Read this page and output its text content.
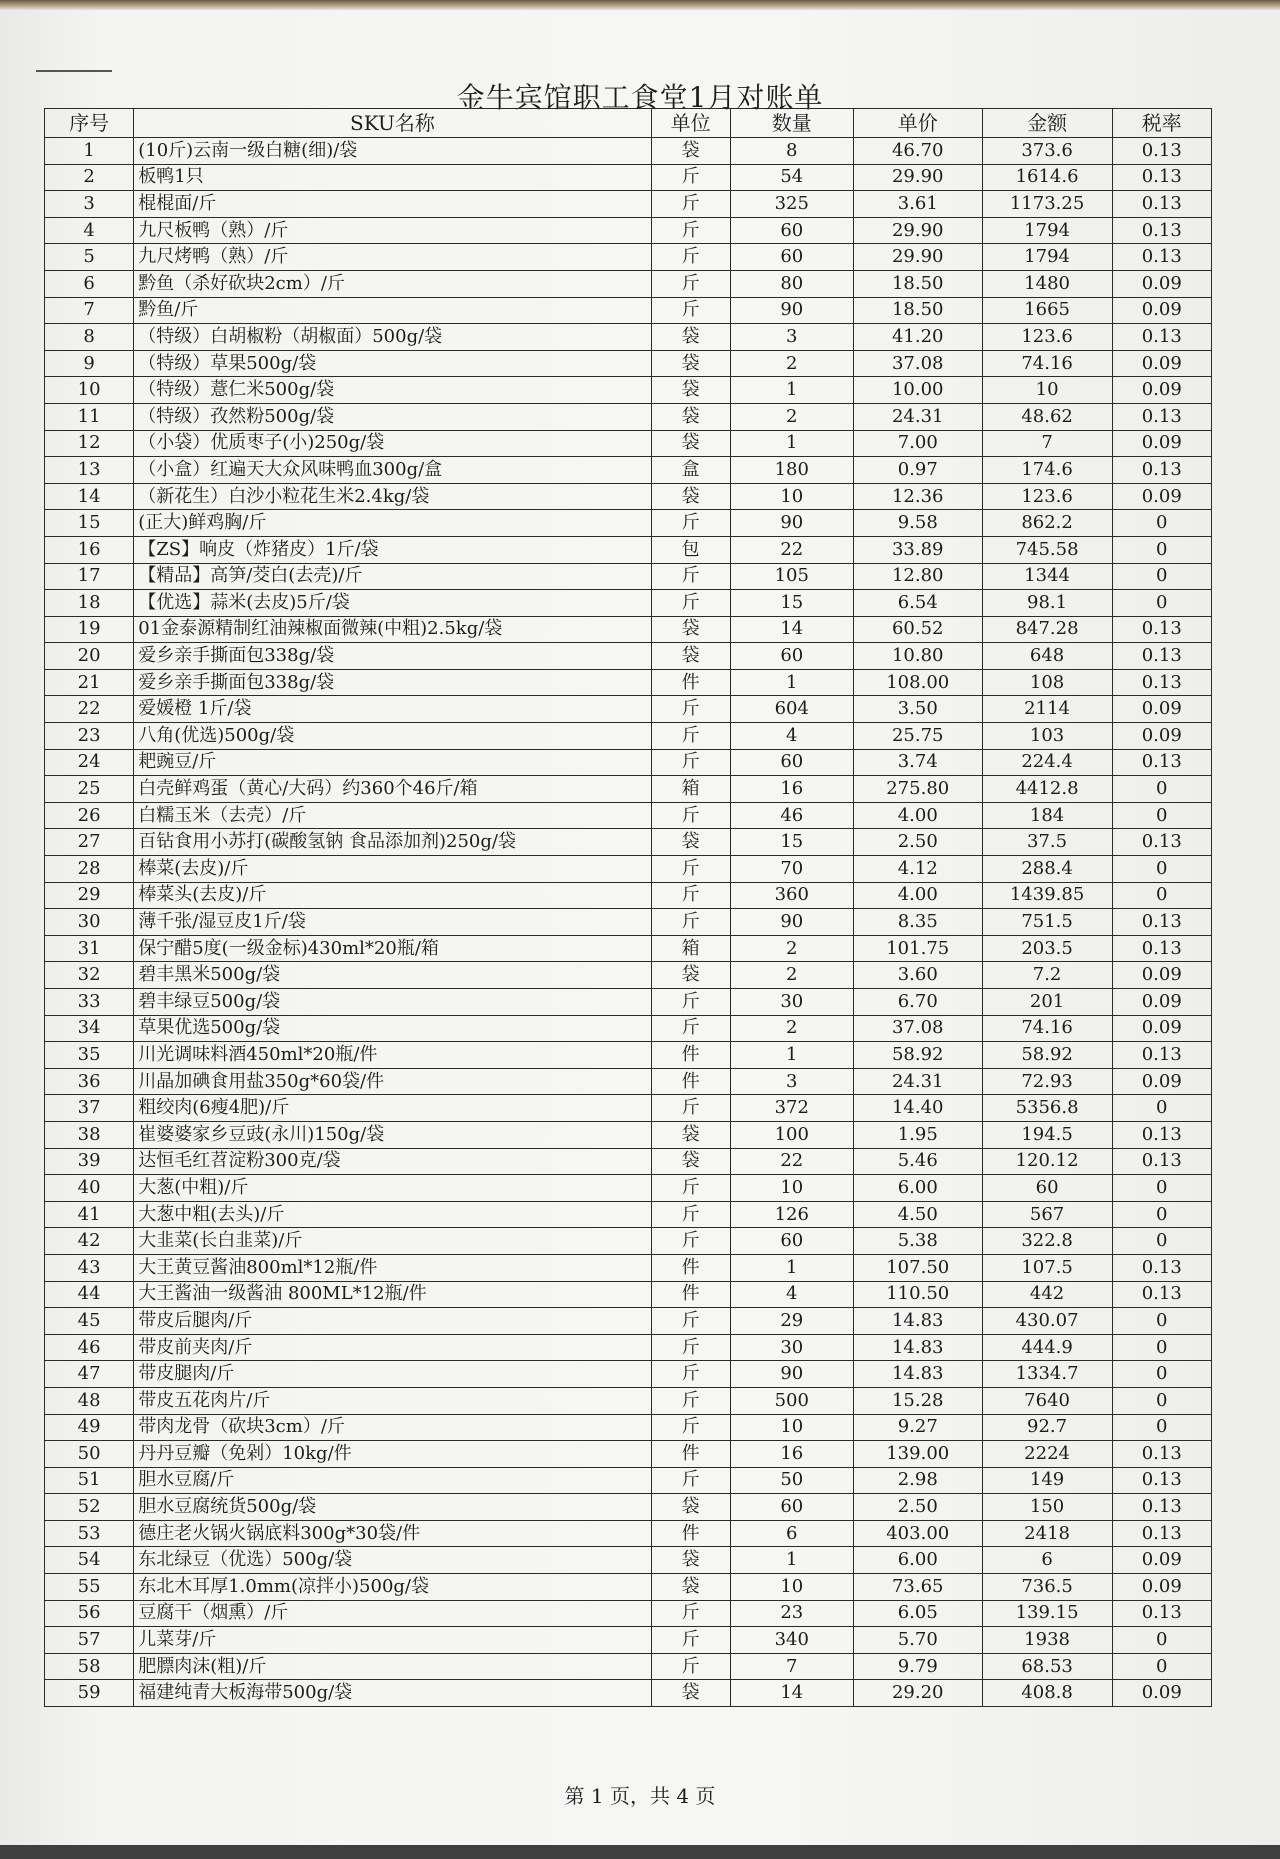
金牛宾馆职工食堂1月对账单
序号	SKU名称	单位	数量	单价	金额	税率
1	(10斤)云南一级白糖(细)/袋	袋	8	46.70	373.6	0.13
2	板鸭1只	斤	54	29.90	1614.6	0.13
3	棍棍面/斤	斤	325	3.61	1173.25	0.13
4	九尺板鸭（熟）/斤	斤	60	29.90	1794	0.13
5	九尺烤鸭（熟）/斤	斤	60	29.90	1794	0.13
6	黔鱼（杀好砍块2cm）/斤	斤	80	18.50	1480	0.09
7	黔鱼/斤	斤	90	18.50	1665	0.09
8	（特级）白胡椒粉（胡椒面）500g/袋	袋	3	41.20	123.6	0.13
9	（特级）草果500g/袋	袋	2	37.08	74.16	0.09
10	（特级）薏仁米500g/袋	袋	1	10.00	10	0.09
11	（特级）孜然粉500g/袋	袋	2	24.31	48.62	0.13
12	（小袋）优质枣子(小)250g/袋	袋	1	7.00	7	0.09
13	（小盒）红遍天大众风味鸭血300g/盒	盒	180	0.97	174.6	0.13
14	（新花生）白沙小粒花生米2.4kg/袋	袋	10	12.36	123.6	0.09
15	(正大)鲜鸡胸/斤	斤	90	9.58	862.2	0
16	【ZS】响皮（炸猪皮）1斤/袋	包	22	33.89	745.58	0
17	【精品】高笋/茭白(去壳)/斤	斤	105	12.80	1344	0
18	【优选】蒜米(去皮)5斤/袋	斤	15	6.54	98.1	0
19	01金泰源精制红油辣椒面微辣(中粗)2.5kg/袋	袋	14	60.52	847.28	0.13
20	爱乡亲手撕面包338g/袋	袋	60	10.80	648	0.13
21	爱乡亲手撕面包338g/袋	件	1	108.00	108	0.13
22	爱媛橙 1斤/袋	斤	604	3.50	2114	0.09
23	八角(优选)500g/袋	斤	4	25.75	103	0.09
24	耙豌豆/斤	斤	60	3.74	224.4	0.13
25	白壳鲜鸡蛋（黄心/大码）约360个46斤/箱	箱	16	275.80	4412.8	0
26	白糯玉米（去壳）/斤	斤	46	4.00	184	0
27	百钻食用小苏打(碳酸氢钠 食品添加剂)250g/袋	袋	15	2.50	37.5	0.13
28	棒菜(去皮)/斤	斤	70	4.12	288.4	0
29	棒菜头(去皮)/斤	斤	360	4.00	1439.85	0
30	薄千张/湿豆皮1斤/袋	斤	90	8.35	751.5	0.13
31	保宁醋5度(一级金标)430ml*20瓶/箱	箱	2	101.75	203.5	0.13
32	碧丰黑米500g/袋	袋	2	3.60	7.2	0.09
33	碧丰绿豆500g/袋	斤	30	6.70	201	0.09
34	草果优选500g/袋	斤	2	37.08	74.16	0.09
35	川光调味料酒450ml*20瓶/件	件	1	58.92	58.92	0.13
36	川晶加碘食用盐350g*60袋/件	件	3	24.31	72.93	0.09
37	粗绞肉(6瘦4肥)/斤	斤	372	14.40	5356.8	0
38	崔婆婆家乡豆豉(永川)150g/袋	袋	100	1.95	194.5	0.13
39	达恒毛红苕淀粉300克/袋	袋	22	5.46	120.12	0.13
40	大葱(中粗)/斤	斤	10	6.00	60	0
41	大葱中粗(去头)/斤	斤	126	4.50	567	0
42	大韭菜(长白韭菜)/斤	斤	60	5.38	322.8	0
43	大王黄豆酱油800ml*12瓶/件	件	1	107.50	107.5	0.13
44	大王酱油一级酱油 800ML*12瓶/件	件	4	110.50	442	0.13
45	带皮后腿肉/斤	斤	29	14.83	430.07	0
46	带皮前夹肉/斤	斤	30	14.83	444.9	0
47	带皮腿肉/斤	斤	90	14.83	1334.7	0
48	带皮五花肉片/斤	斤	500	15.28	7640	0
49	带肉龙骨（砍块3cm）/斤	斤	10	9.27	92.7	0
50	丹丹豆瓣（免剁）10kg/件	件	16	139.00	2224	0.13
51	胆水豆腐/斤	斤	50	2.98	149	0.13
52	胆水豆腐统货500g/袋	袋	60	2.50	150	0.13
53	德庄老火锅火锅底料300g*30袋/件	件	6	403.00	2418	0.13
54	东北绿豆（优选）500g/袋	袋	1	6.00	6	0.09
55	东北木耳厚1.0mm(凉拌小)500g/袋	袋	10	73.65	736.5	0.09
56	豆腐干（烟熏）/斤	斤	23	6.05	139.15	0.13
57	儿菜芽/斤	斤	340	5.70	1938	0
58	肥膘肉沫(粗)/斤	斤	7	9.79	68.53	0
59	福建纯青大板海带500g/袋	袋	14	29.20	408.8	0.09
第 1 页，共 4 页
